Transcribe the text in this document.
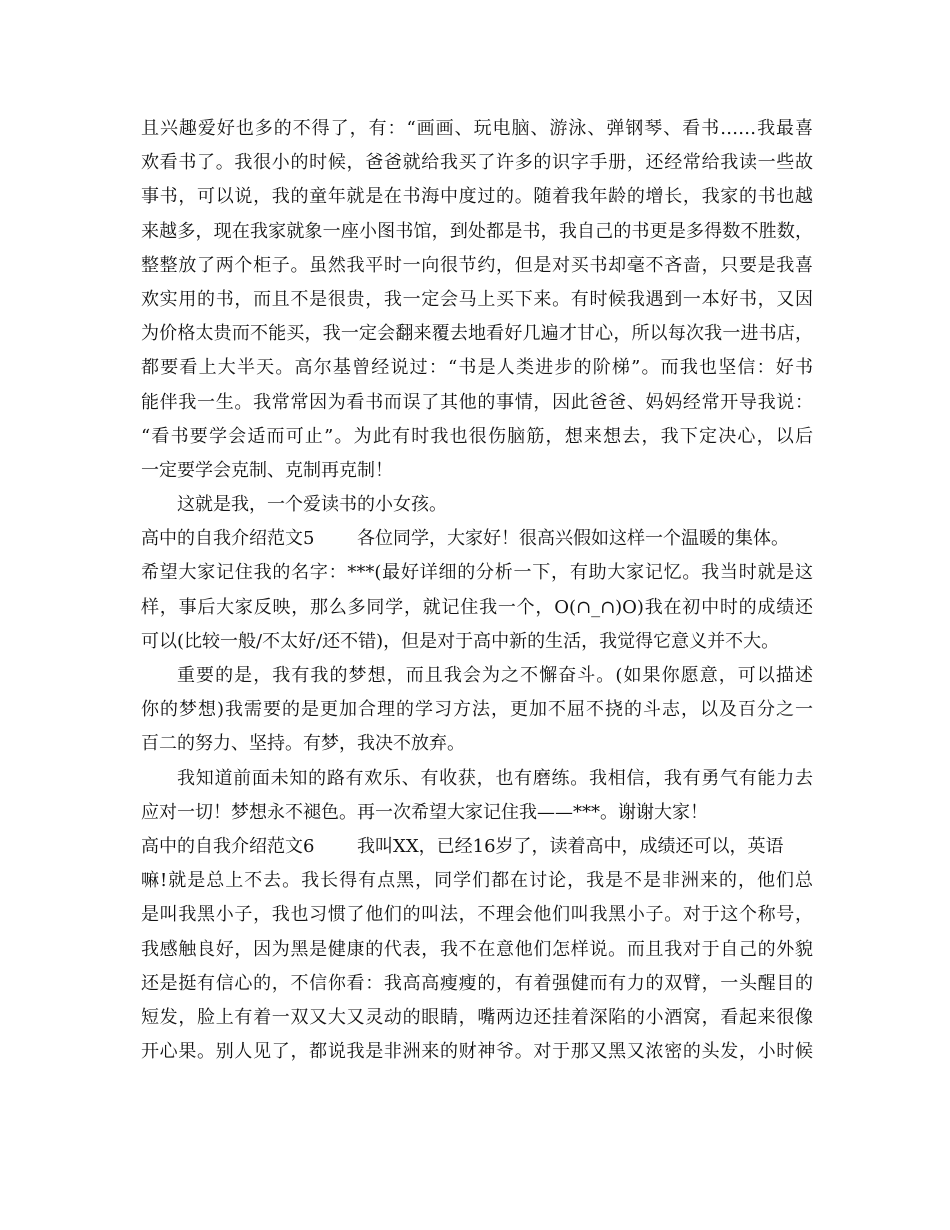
且兴趣爱好也多的不得了，有：“画画、玩电脑、游泳、弹钢琴、看书……我最喜
欢看书了。我很小的时候，爸爸就给我买了许多的识字手册，还经常给我读一些故
事书，可以说，我的童年就是在书海中度过的。随着我年龄的增长，我家的书也越
来越多，现在我家就象一座小图书馆，到处都是书，我自己的书更是多得数不胜数，
整整放了两个柜子。虽然我平时一向很节约，但是对买书却毫不吝啬，只要是我喜
欢实用的书，而且不是很贵，我一定会马上买下来。有时候我遇到一本好书，又因
为价格太贵而不能买，我一定会翻来覆去地看好几遍才甘心，所以每次我一进书店，
都要看上大半天。高尔基曾经说过：“书是人类进步的阶梯”。而我也坚信：好书
能伴我一生。我常常因为看书而误了其他的事情，因此爸爸、妈妈经常开导我说：
“看书要学会适而可止”。为此有时我也很伤脑筋，想来想去，我下定决心，以后
一定要学会克制、克制再克制！
这就是我，一个爱读书的小女孩。
高中的自我介绍范文5 各位同学，大家好！很高兴假如这样一个温暖的集体。
希望大家记住我的名字：***(最好详细的分析一下，有助大家记忆。我当时就是这
样，事后大家反映，那么多同学，就记住我一个，O(∩_∩)O)我在初中时的成绩还
可以(比较一般/不太好/还不错)，但是对于高中新的生活，我觉得它意义并不大。
重要的是，我有我的梦想，而且我会为之不懈奋斗。(如果你愿意，可以描述
你的梦想)我需要的是更加合理的学习方法，更加不屈不挠的斗志，以及百分之一
百二的努力、坚持。有梦，我决不放弃。
我知道前面未知的路有欢乐、有收获，也有磨练。我相信，我有勇气有能力去
应对一切！梦想永不褪色。再一次希望大家记住我——***。谢谢大家！
高中的自我介绍范文6 我叫XX，已经16岁了，读着高中，成绩还可以，英语
嘛!就是总上不去。我长得有点黑，同学们都在讨论，我是不是非洲来的，他们总
是叫我黑小子，我也习惯了他们的叫法，不理会他们叫我黑小子。对于这个称号，
我感触良好，因为黑是健康的代表，我不在意他们怎样说。而且我对于自己的外貌
还是挺有信心的，不信你看：我高高瘦瘦的，有着强健而有力的双臂，一头醒目的
短发，脸上有着一双又大又灵动的眼睛，嘴两边还挂着深陷的小酒窝，看起来很像
开心果。别人见了，都说我是非洲来的财神爷。对于那又黑又浓密的头发，小时候
